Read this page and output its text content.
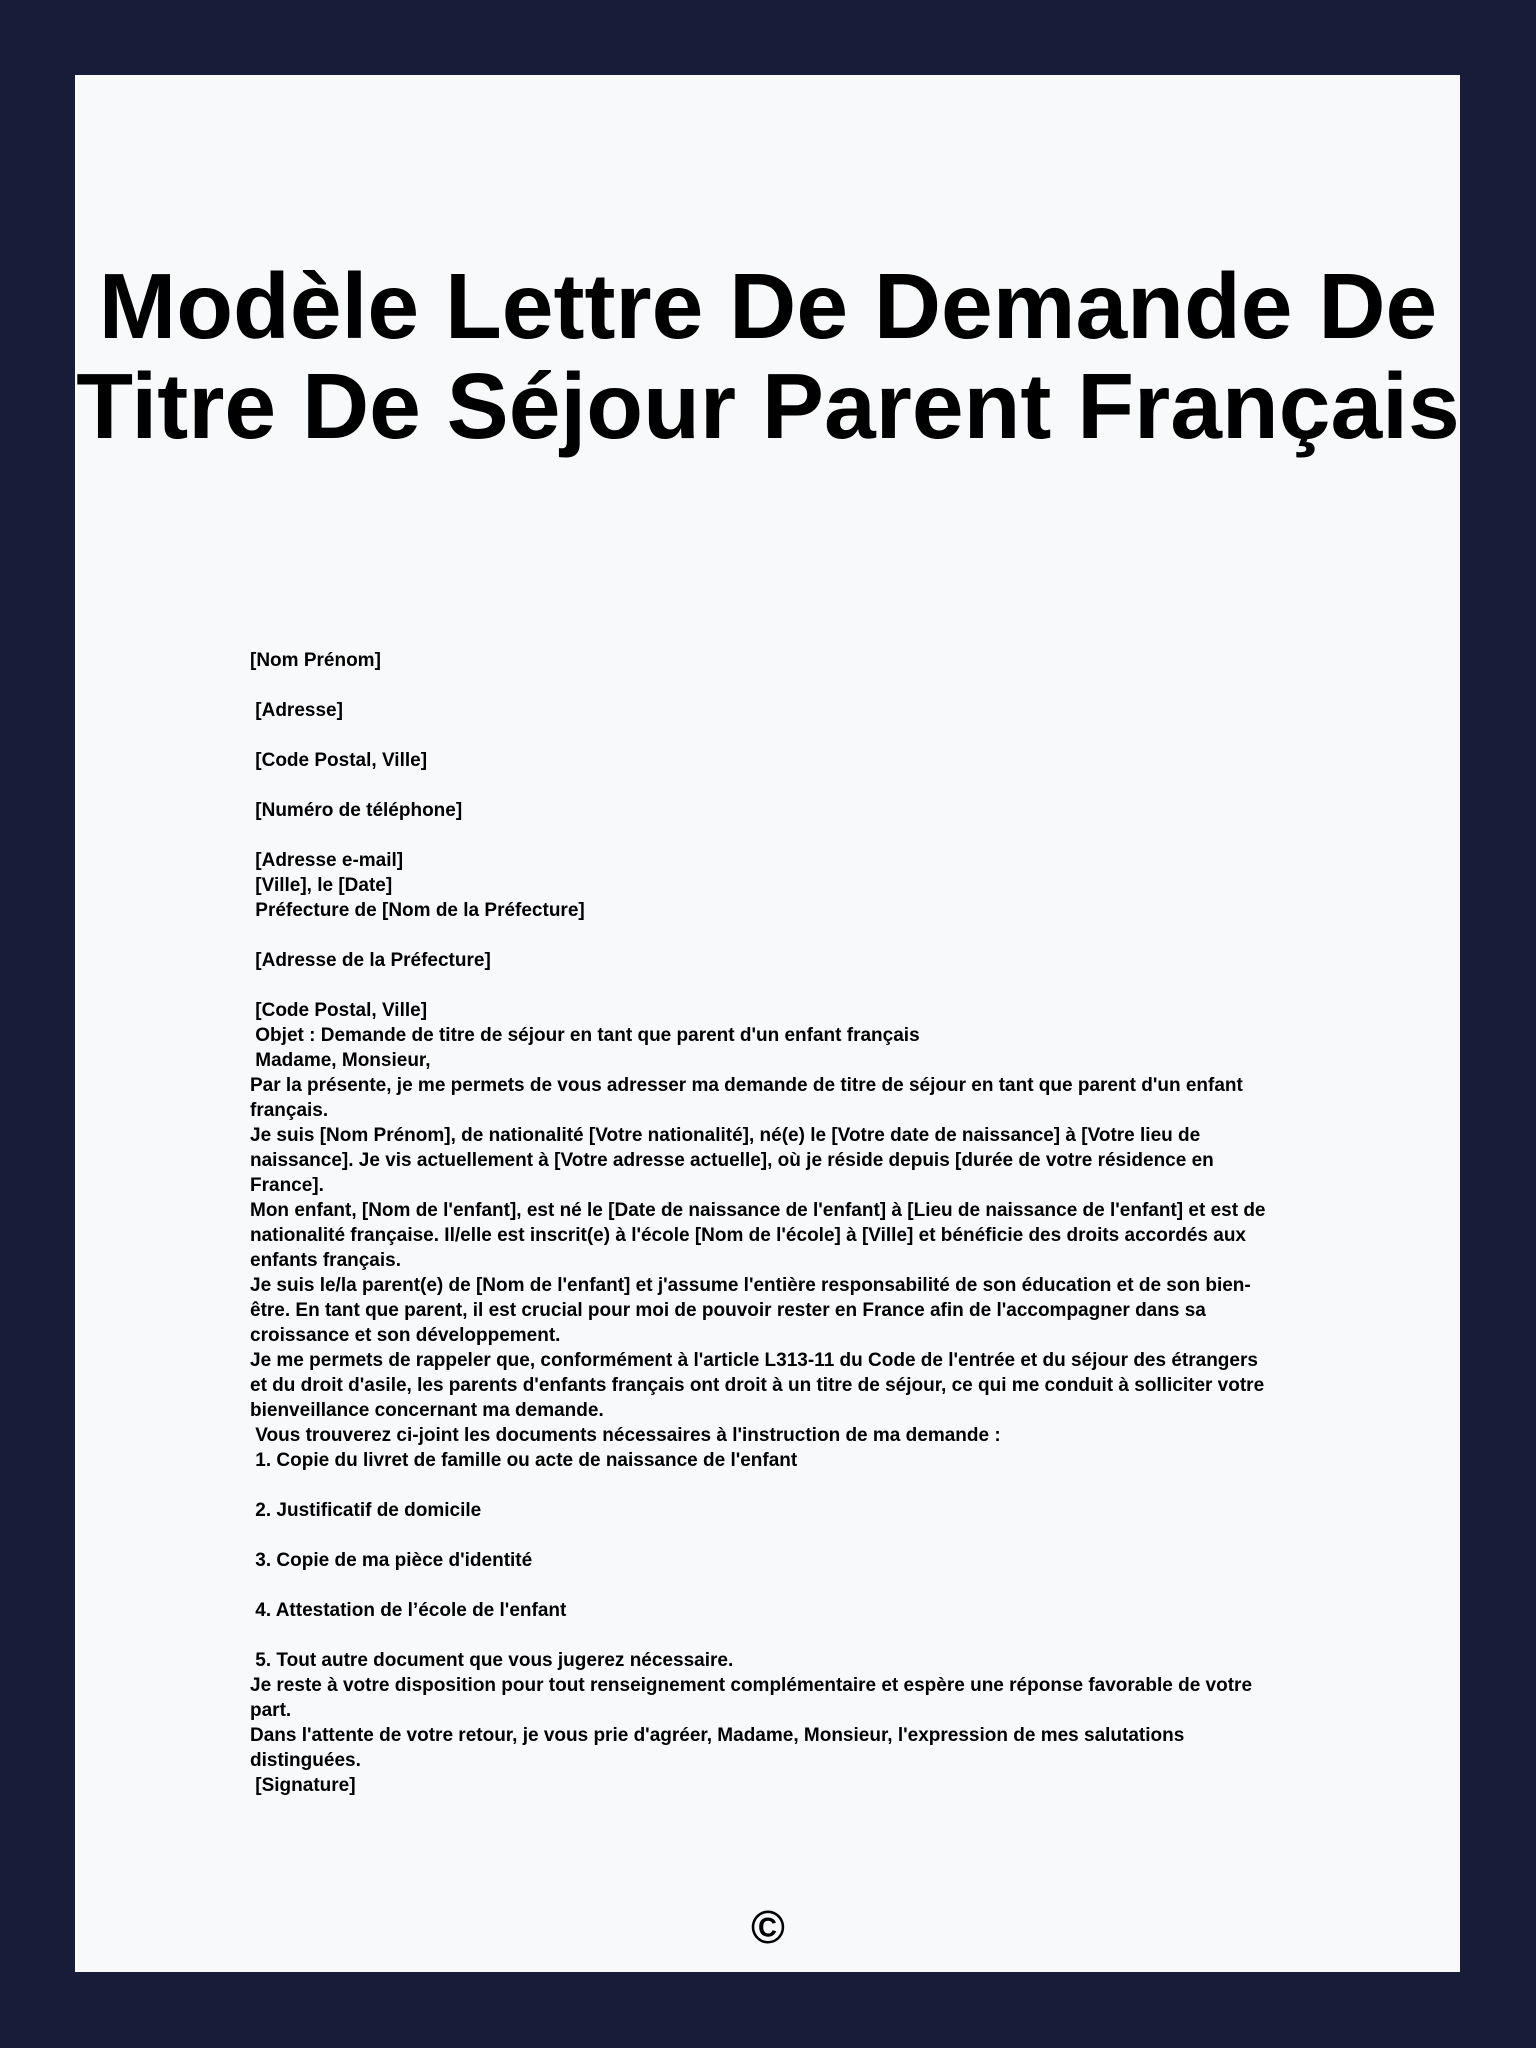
Modèle Lettre De Demande De Titre De Séjour Parent Français
[Nom Prénom]
[Adresse]
[Code Postal, Ville]
[Numéro de téléphone]
[Adresse e-mail]
[Ville], le [Date]
Préfecture de [Nom de la Préfecture]
[Adresse de la Préfecture]
[Code Postal, Ville]
Objet : Demande de titre de séjour en tant que parent d'un enfant français
Madame, Monsieur,
Par la présente, je me permets de vous adresser ma demande de titre de séjour en tant que parent d'un enfant français.
Je suis [Nom Prénom], de nationalité [Votre nationalité], né(e) le [Votre date de naissance] à [Votre lieu de naissance]. Je vis actuellement à [Votre adresse actuelle], où je réside depuis [durée de votre résidence en France].
Mon enfant, [Nom de l'enfant], est né le [Date de naissance de l'enfant] à [Lieu de naissance de l'enfant] et est de nationalité française. Il/elle est inscrit(e) à l'école [Nom de l'école] à [Ville] et bénéficie des droits accordés aux enfants français.
Je suis le/la parent(e) de [Nom de l'enfant] et j'assume l'entière responsabilité de son éducation et de son bien-être. En tant que parent, il est crucial pour moi de pouvoir rester en France afin de l'accompagner dans sa croissance et son développement.
Je me permets de rappeler que, conformément à l'article L313-11 du Code de l'entrée et du séjour des étrangers et du droit d'asile, les parents d'enfants français ont droit à un titre de séjour, ce qui me conduit à solliciter votre bienveillance concernant ma demande.
Vous trouverez ci-joint les documents nécessaires à l'instruction de ma demande :
1. Copie du livret de famille ou acte de naissance de l'enfant
2. Justificatif de domicile
3. Copie de ma pièce d'identité
4. Attestation de l’école de l'enfant
5. Tout autre document que vous jugerez nécessaire.
Je reste à votre disposition pour tout renseignement complémentaire et espère une réponse favorable de votre part.
Dans l'attente de votre retour, je vous prie d'agréer, Madame, Monsieur, l'expression de mes salutations distinguées.
[Signature]
©
